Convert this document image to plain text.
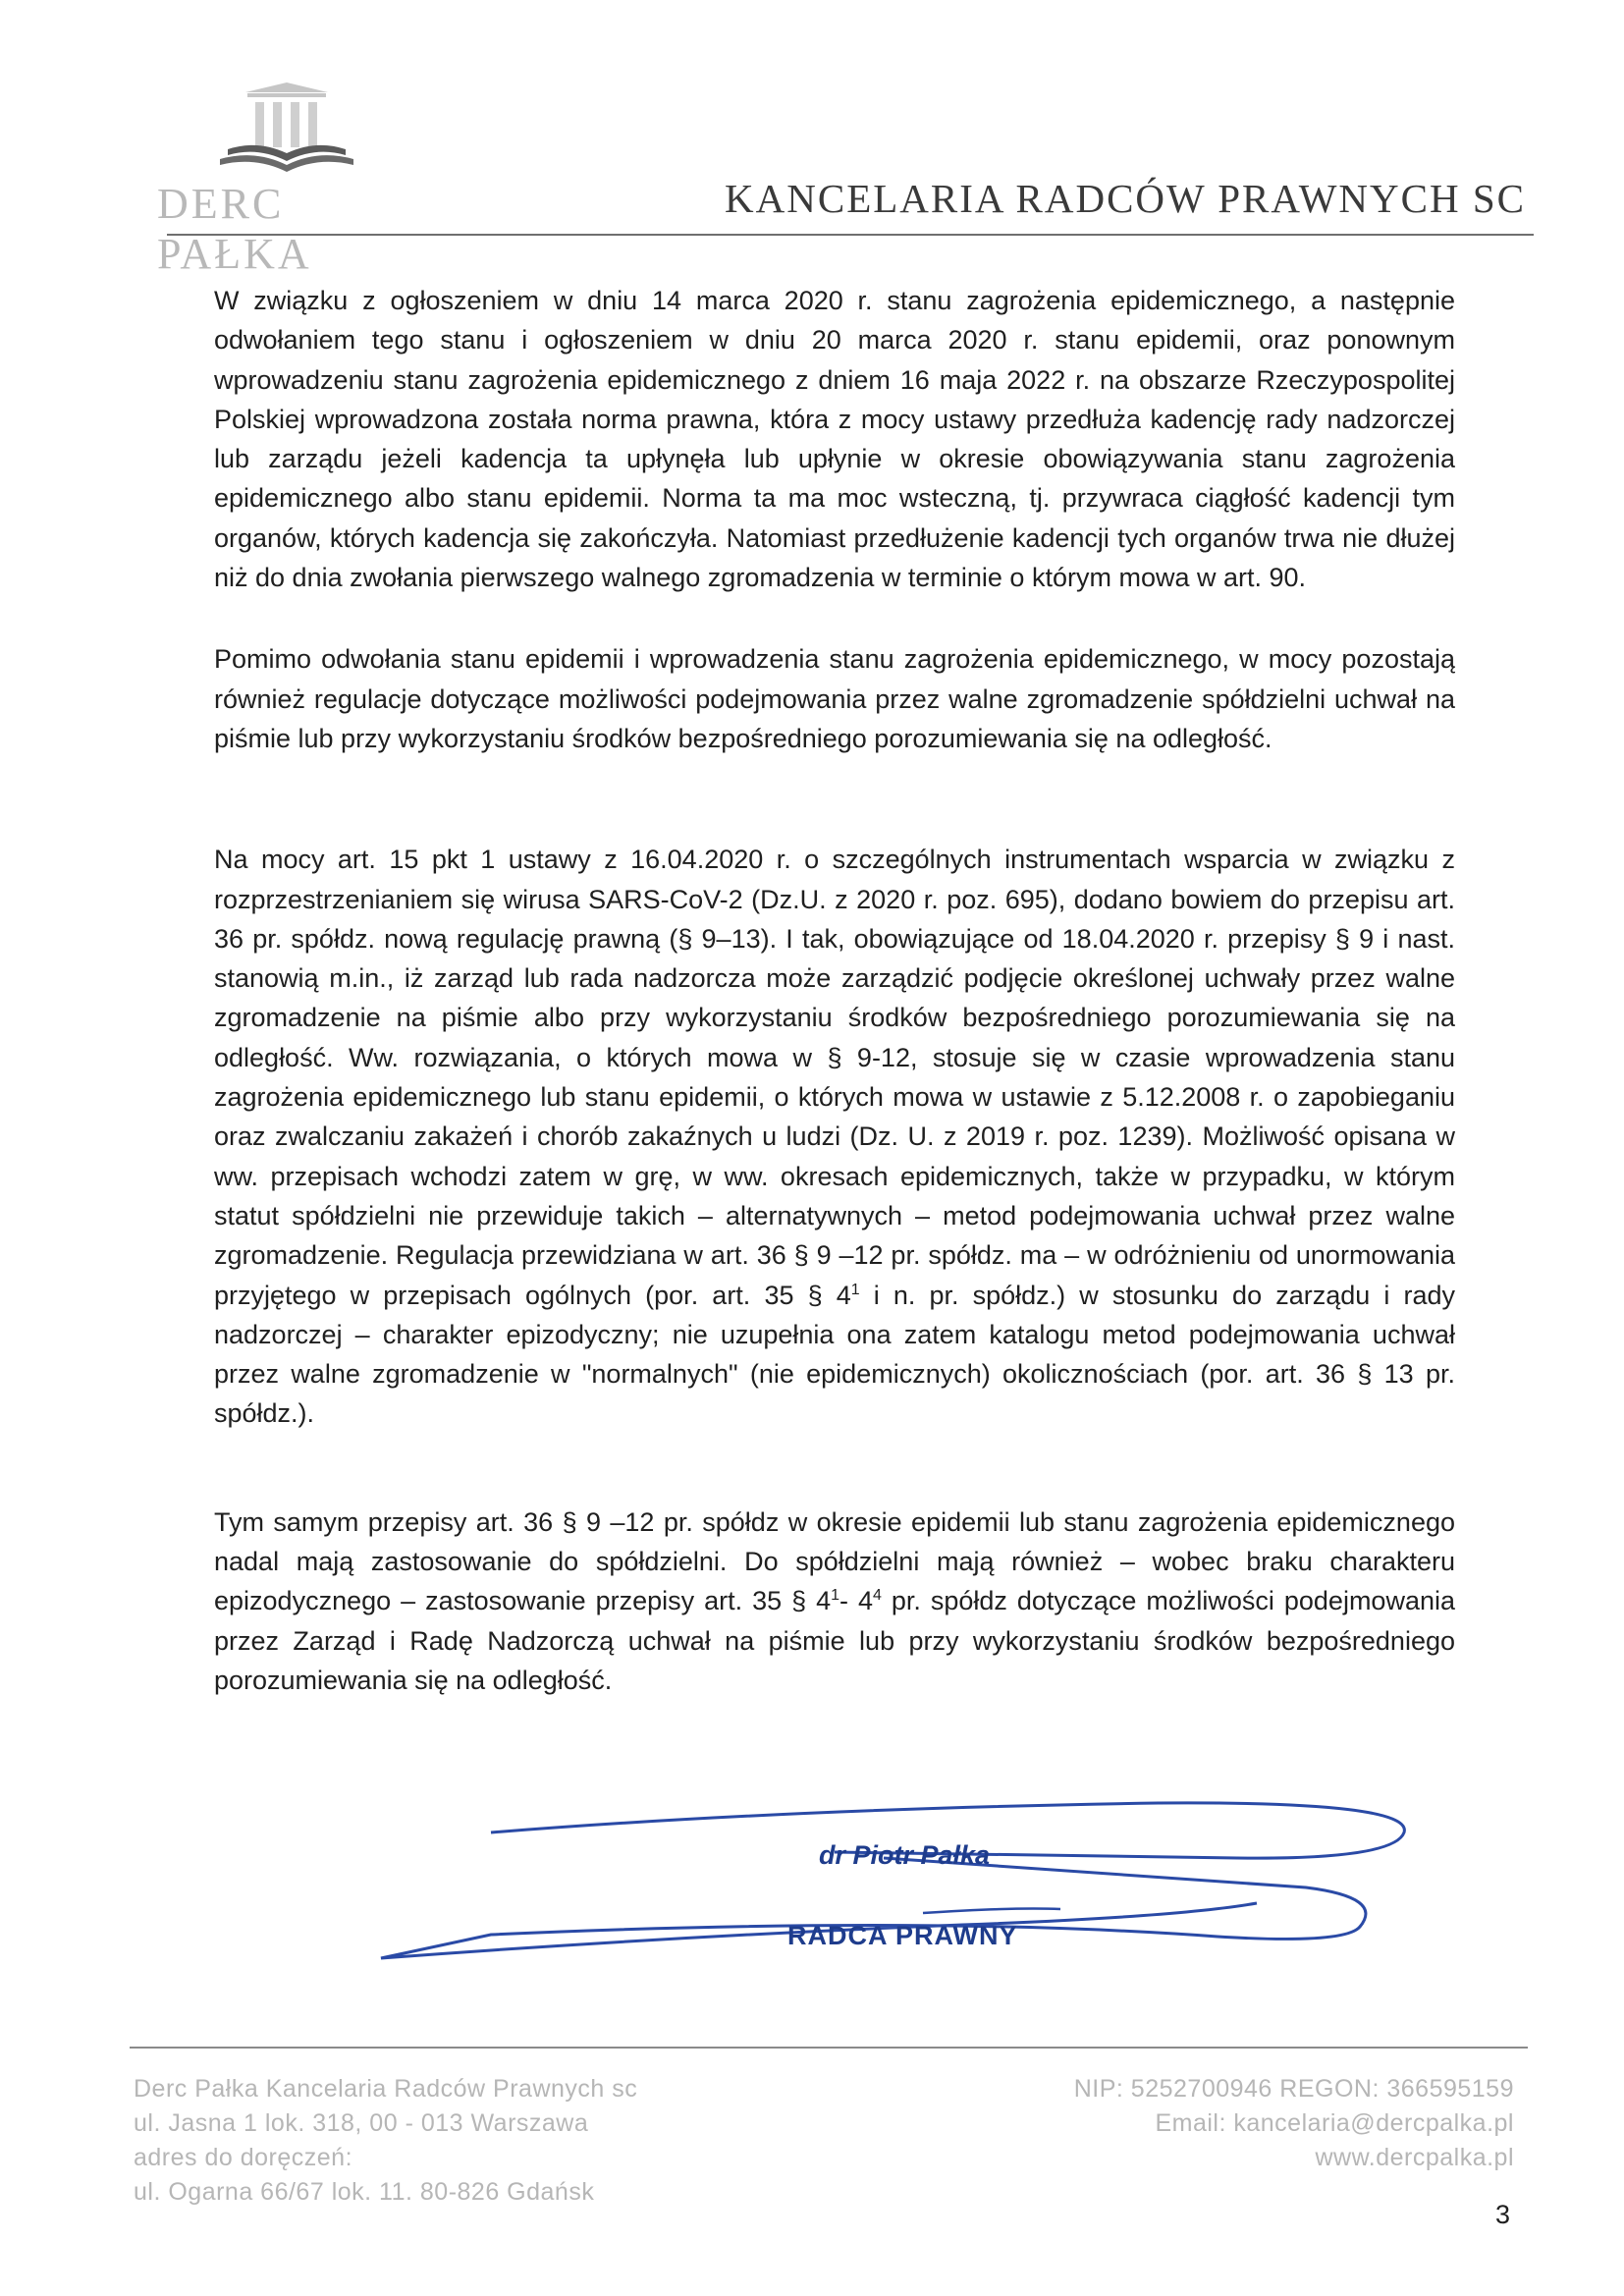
DERC PAŁKA
KANCELARIA RADCÓW PRAWNYCH SC

W związku z ogłoszeniem w dniu 14 marca 2020 r. stanu zagrożenia epidemicznego, a następnie odwołaniem tego stanu i ogłoszeniem w dniu 20 marca 2020 r. stanu epidemii, oraz ponownym wprowadzeniu stanu zagrożenia epidemicznego z dniem 16 maja 2022 r. na obszarze Rzeczypospolitej Polskiej wprowadzona została norma prawna, która z mocy ustawy przedłuża kadencję rady nadzorczej lub zarządu jeżeli kadencja ta upłynęła lub upłynie w okresie obowiązywania stanu zagrożenia epidemicznego albo stanu epidemii. Norma ta ma moc wsteczną, tj. przywraca ciągłość kadencji tym organów, których kadencja się zakończyła. Natomiast przedłużenie kadencji tych organów trwa nie dłużej niż do dnia zwołania pierwszego walnego zgromadzenia w terminie o którym mowa w art. 90.

Pomimo odwołania stanu epidemii i wprowadzenia stanu zagrożenia epidemicznego, w mocy pozostają również regulacje dotyczące możliwości podejmowania przez walne zgromadzenie spółdzielni uchwał na piśmie lub przy wykorzystaniu środków bezpośredniego porozumiewania się na odległość.

Na mocy art. 15 pkt 1 ustawy z 16.04.2020 r. o szczególnych instrumentach wsparcia w związku z rozprzestrzenianiem się wirusa SARS-CoV-2 (Dz.U. z 2020 r. poz. 695), dodano bowiem do przepisu art. 36 pr. spółdz. nową regulację prawną (§ 9–13). I tak, obowiązujące od 18.04.2020 r. przepisy § 9 i nast. stanowią m.in., iż zarząd lub rada nadzorcza może zarządzić podjęcie określonej uchwały przez walne zgromadzenie na piśmie albo przy wykorzystaniu środków bezpośredniego porozumiewania się na odległość. Ww. rozwiązania, o których mowa w § 9-12, stosuje się w czasie wprowadzenia stanu zagrożenia epidemicznego lub stanu epidemii, o których mowa w ustawie z 5.12.2008 r. o zapobieganiu oraz zwalczaniu zakażeń i chorób zakaźnych u ludzi (Dz. U. z 2019 r. poz. 1239). Możliwość opisana w ww. przepisach wchodzi zatem w grę, w ww. okresach epidemicznych, także w przypadku, w którym statut spółdzielni nie przewiduje takich – alternatywnych – metod podejmowania uchwał przez walne zgromadzenie. Regulacja przewidziana w art. 36 § 9 –12 pr. spółdz. ma – w odróżnieniu od unormowania przyjętego w przepisach ogólnych (por. art. 35 § $4^1$ i n. pr. spółdz.) w stosunku do zarządu i rady nadzorczej – charakter epizodyczny; nie uzupełnia ona zatem katalogu metod podejmowania uchwał przez walne zgromadzenie w "normalnych" (nie epidemicznych) okolicznościach (por. art. 36 § 13 pr. spółdz.).

Tym samym przepisy art. 36 § 9 –12 pr. spółdz w okresie epidemii lub stanu zagrożenia epidemicznego nadal mają zastosowanie do spółdzielni. Do spółdzielni mają również – wobec braku charakteru epizodycznego – zastosowanie przepisy art. 35 § $4^1-$ $4^4$ pr. spółdz dotyczące możliwości podejmowania przez Zarząd i Radę Nadzorczą uchwał na piśmie lub przy wykorzystaniu środków bezpośredniego porozumiewania się na odległość.

dr Piotr Pałka
RADCA PRAWNY
Derc Pałka Kancelaria Radców Prawnych sc
ul. Jasna 1 lok. 318, 00 - 013 Warszawa
adres do doręczeń:
ul. Ogarna 66/67 lok. 11. 80-826 Gdańsk
NIP: 5252700946 REGON: 366595159
Email: kancelaria@dercpalka.pl
www.dercpalka.pl
3
